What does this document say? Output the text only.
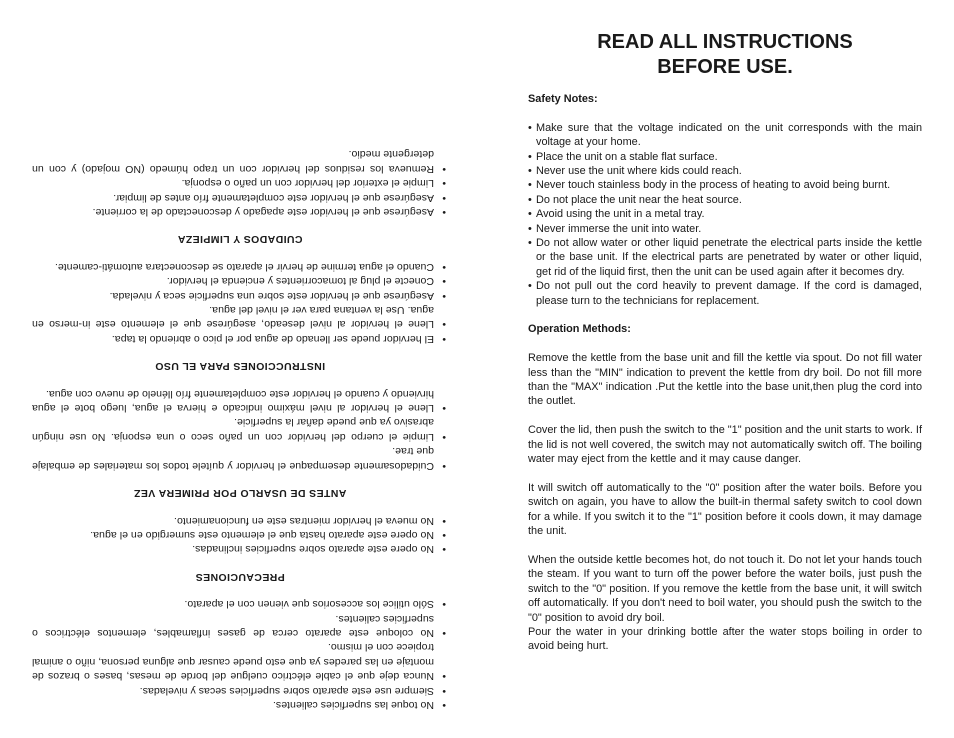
• No toque las superficies calientes.
• Siempre use este aparato sobre superficies secas y niveladas.
• Nunca deje que el cable eléctrico cuelgue del borde de mesas, bases o brazos de montaje en las paredes ya que esto puede causar que alguna persona, niño o animal tropiece con el mismo.
• No coloque este aparato cerca de gases inflamables, elementos eléctricos o superficies calientes.
• Sólo utilice los accesorios que vienen con el aparato.
PRECAUCIONES
• No opere este aparato sobre superficies inclinadas.
• No opere este aparato hasta que el elemento este sumergido en el agua.
• No mueva el hervidor mientras este en funcionamiento.
ANTES DE USARLO POR PRIMERA VEZ
• Cuidadosamente desempaque el hervidor y quítele todos los materiales de embalaje que trae.
• Limpie el cuerpo del hervidor con un paño seco o una esponja. No use ningún abrasivo ya que puede dañar la superficie.
• Llene el hervidor al nivel máximo indicado e hierva el agua, luego bote el agua hirviendo y cuando el hervidor este completamente frío llénelo de nuevo con agua.
INSTRUCCIONES PARA EL USO
• El hervidor puede ser llenado de agua por el pico o abriendo la tapa.
• Llene el hervidor al nivel deseado, asegúrese que el elemento este in-merso en agua. Use la ventana para ver el nivel del agua.
• Asegúrese que el hervidor este sobre una superficie seca y nivelada.
• Conecte el plug al tomacorrientes y encienda el hervidor.
• Cuando el agua termine de hervir el aparato se desconectara automáti-camente.
CUIDADOS Y LIMPIEZA
• Asegúrese que el hervidor este apagado y desconectado de la corriente.
• Asegúrese que el hervidor este completamente frío antes de limpiar.
• Limpie el exterior del hervidor con un paño o esponja.
• Remueva los residuos del hervidor con un trapo húmedo (NO mojado) y con un detergente medio.
READ ALL INSTRUCTIONS
BEFORE USE.

Safety Notes:

• Make sure that the voltage indicated on the unit corresponds with the main voltage at your home.
• Place the unit on a stable flat surface.
• Never use the unit where kids could reach.
• Never touch stainless body in the process of heating to avoid being burnt.
• Do not place the unit near the heat source.
• Avoid using the unit in a metal tray.
• Never immerse the unit into water.
• Do not allow water or other liquid penetrate the electrical parts inside the kettle or the base unit. If the electrical parts are penetrated by water or other liquid, get rid of the liquid first, then the unit can be used again after it becomes dry.
• Do not pull out the cord heavily to prevent damage. If the cord is damaged, please turn to the technicians for replacement.

Operation Methods:

Remove the kettle from the base unit and fill the kettle via spout. Do not fill water less than the "MIN" indication to prevent the kettle from dry boil. Do not fill more than the "MAX" indication .Put the kettle into the base unit,then plug the cord into the outlet.

Cover the lid, then push the switch to the "1" position and the unit starts to work. If the lid is not well covered, the switch may not automatically switch off. The boiling water may eject from the kettle and it may cause danger.

It will switch off automatically to the "0" position after the water boils. Before you switch on again, you have to allow the built-in thermal safety switch to cool down for a while. If you switch it to the "1" position before it cools down, it may damage the unit.

When the outside kettle becomes hot, do not touch it. Do not let your hands touch the steam. If you want to turn off the power before the water boils, just push the switch to the "0" position. If you remove the kettle from the base unit, it will switch off automatically. If you don't need to boil water, you should push the switch to the "0" position to avoid dry boil.

Pour the water in your drinking bottle after the water stops boiling in order to avoid being hurt.
